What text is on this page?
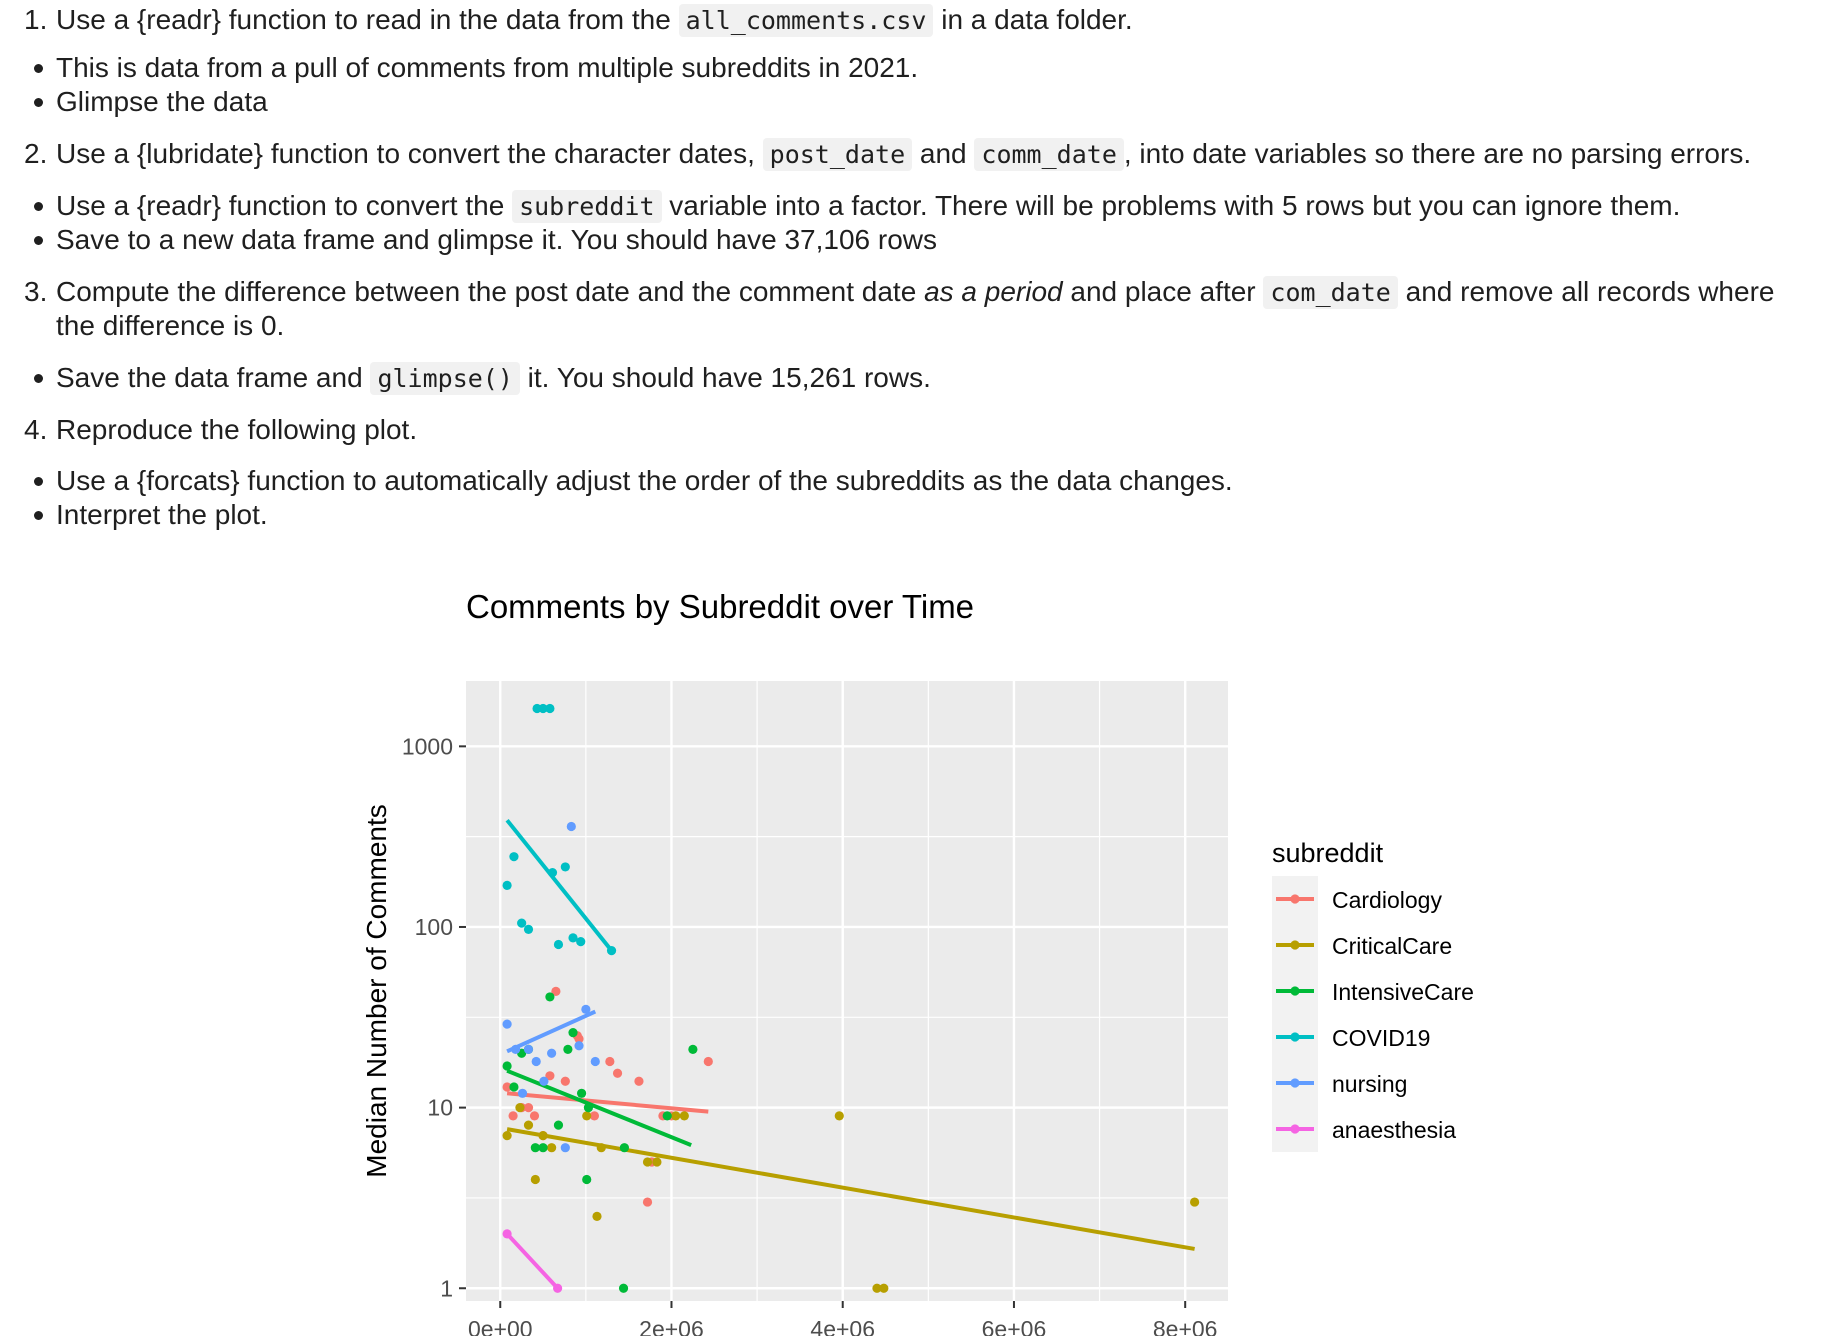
1. Use a {readr} function to read in the data from the all_comments.csv in a data folder.
This is data from a pull of comments from multiple subreddits in 2021.
Glimpse the data
2. Use a {lubridate} function to convert the character dates, post_date and comm_date , into date variables so there are no parsing errors.
Use a {readr} function to convert the subreddit variable into a factor. There will be problems with 5 rows but you can ignore them.
Save to a new data frame and glimpse it. You should have 37,106 rows
3. Compute the difference between the post date and the comment date as a period and place after com_date and remove all records where
the difference is 0.
Save the data frame and glimpse() it. You should have 15,261 rows.
4. Reproduce the following plot.
Use a {forcats} function to automatically adjust the order of the subreddits as the data changes.
Interpret the plot.
Comments by Subreddit over Time
1
10
100
1000
0e+00	2e+06	4e+06	6e+06	8e+06
Median Number of Comments	subreddit
Cardiology
CriticalCare
IntensiveCare
COVID19
nursing
anaesthesia
